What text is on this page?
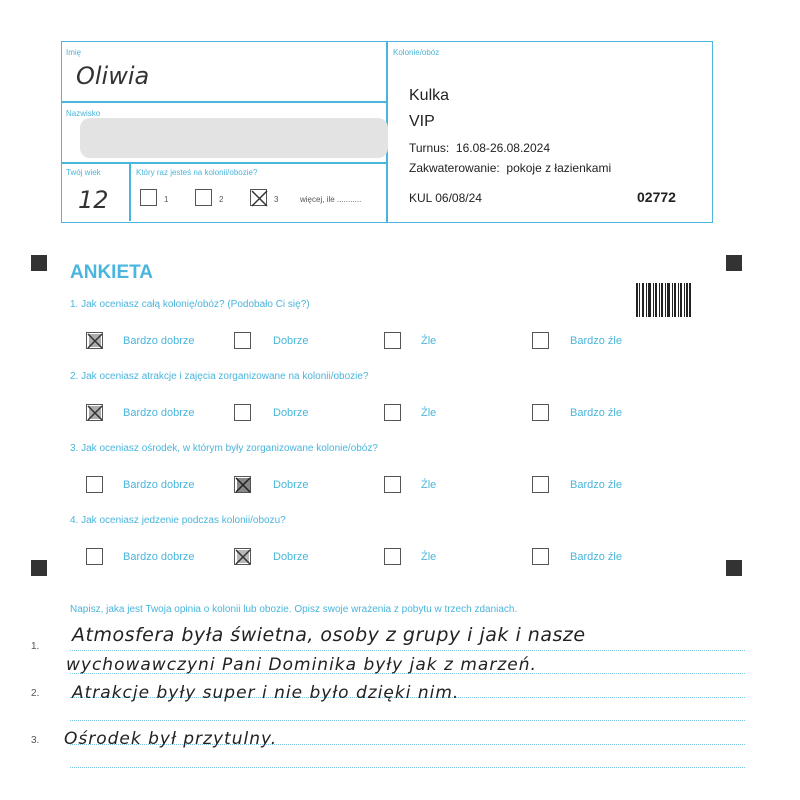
Imię
Oliwia
Nazwisko
Twój wiek
12
Który raz jesteś na kolonii/obozie?
1	2	3	więcej, ile ...........
Kolonie/obóz
Kulka
VIP
Turnus: 16.08-26.08.2024
Zakwaterowanie: pokoje z łazienkami
KUL 06/08/24	02772
ANKIETA
1. Jak oceniasz całą kolonię/obóz? (Podobało Ci się?)
2. Jak oceniasz atrakcje i zajęcia zorganizowane na kolonii/obozie?
3. Jak oceniasz ośrodek, w którym były zorganizowane kolonie/obóz?
4. Jak oceniasz jedzenie podczas kolonii/obozu?
Bardzo dobrze	Dobrze	Źle	Bardzo źle
Bardzo dobrze	Dobrze	Źle	Bardzo źle
Bardzo dobrze	Dobrze	Źle	Bardzo źle
Bardzo dobrze	Dobrze	Źle	Bardzo źle
Napisz, jaka jest Twoja opinia o kolonii lub obozie. Opisz swoje wrażenia z pobytu w trzech zdaniach.
1.
2.
3.
Atmosfera była świetna, osoby z grupy i jak i nasze
wychowawczyni Pani Dominika były jak z marzeń.
Atrakcje były super i nie było dzięki nim.
Ośrodek był przytulny.
